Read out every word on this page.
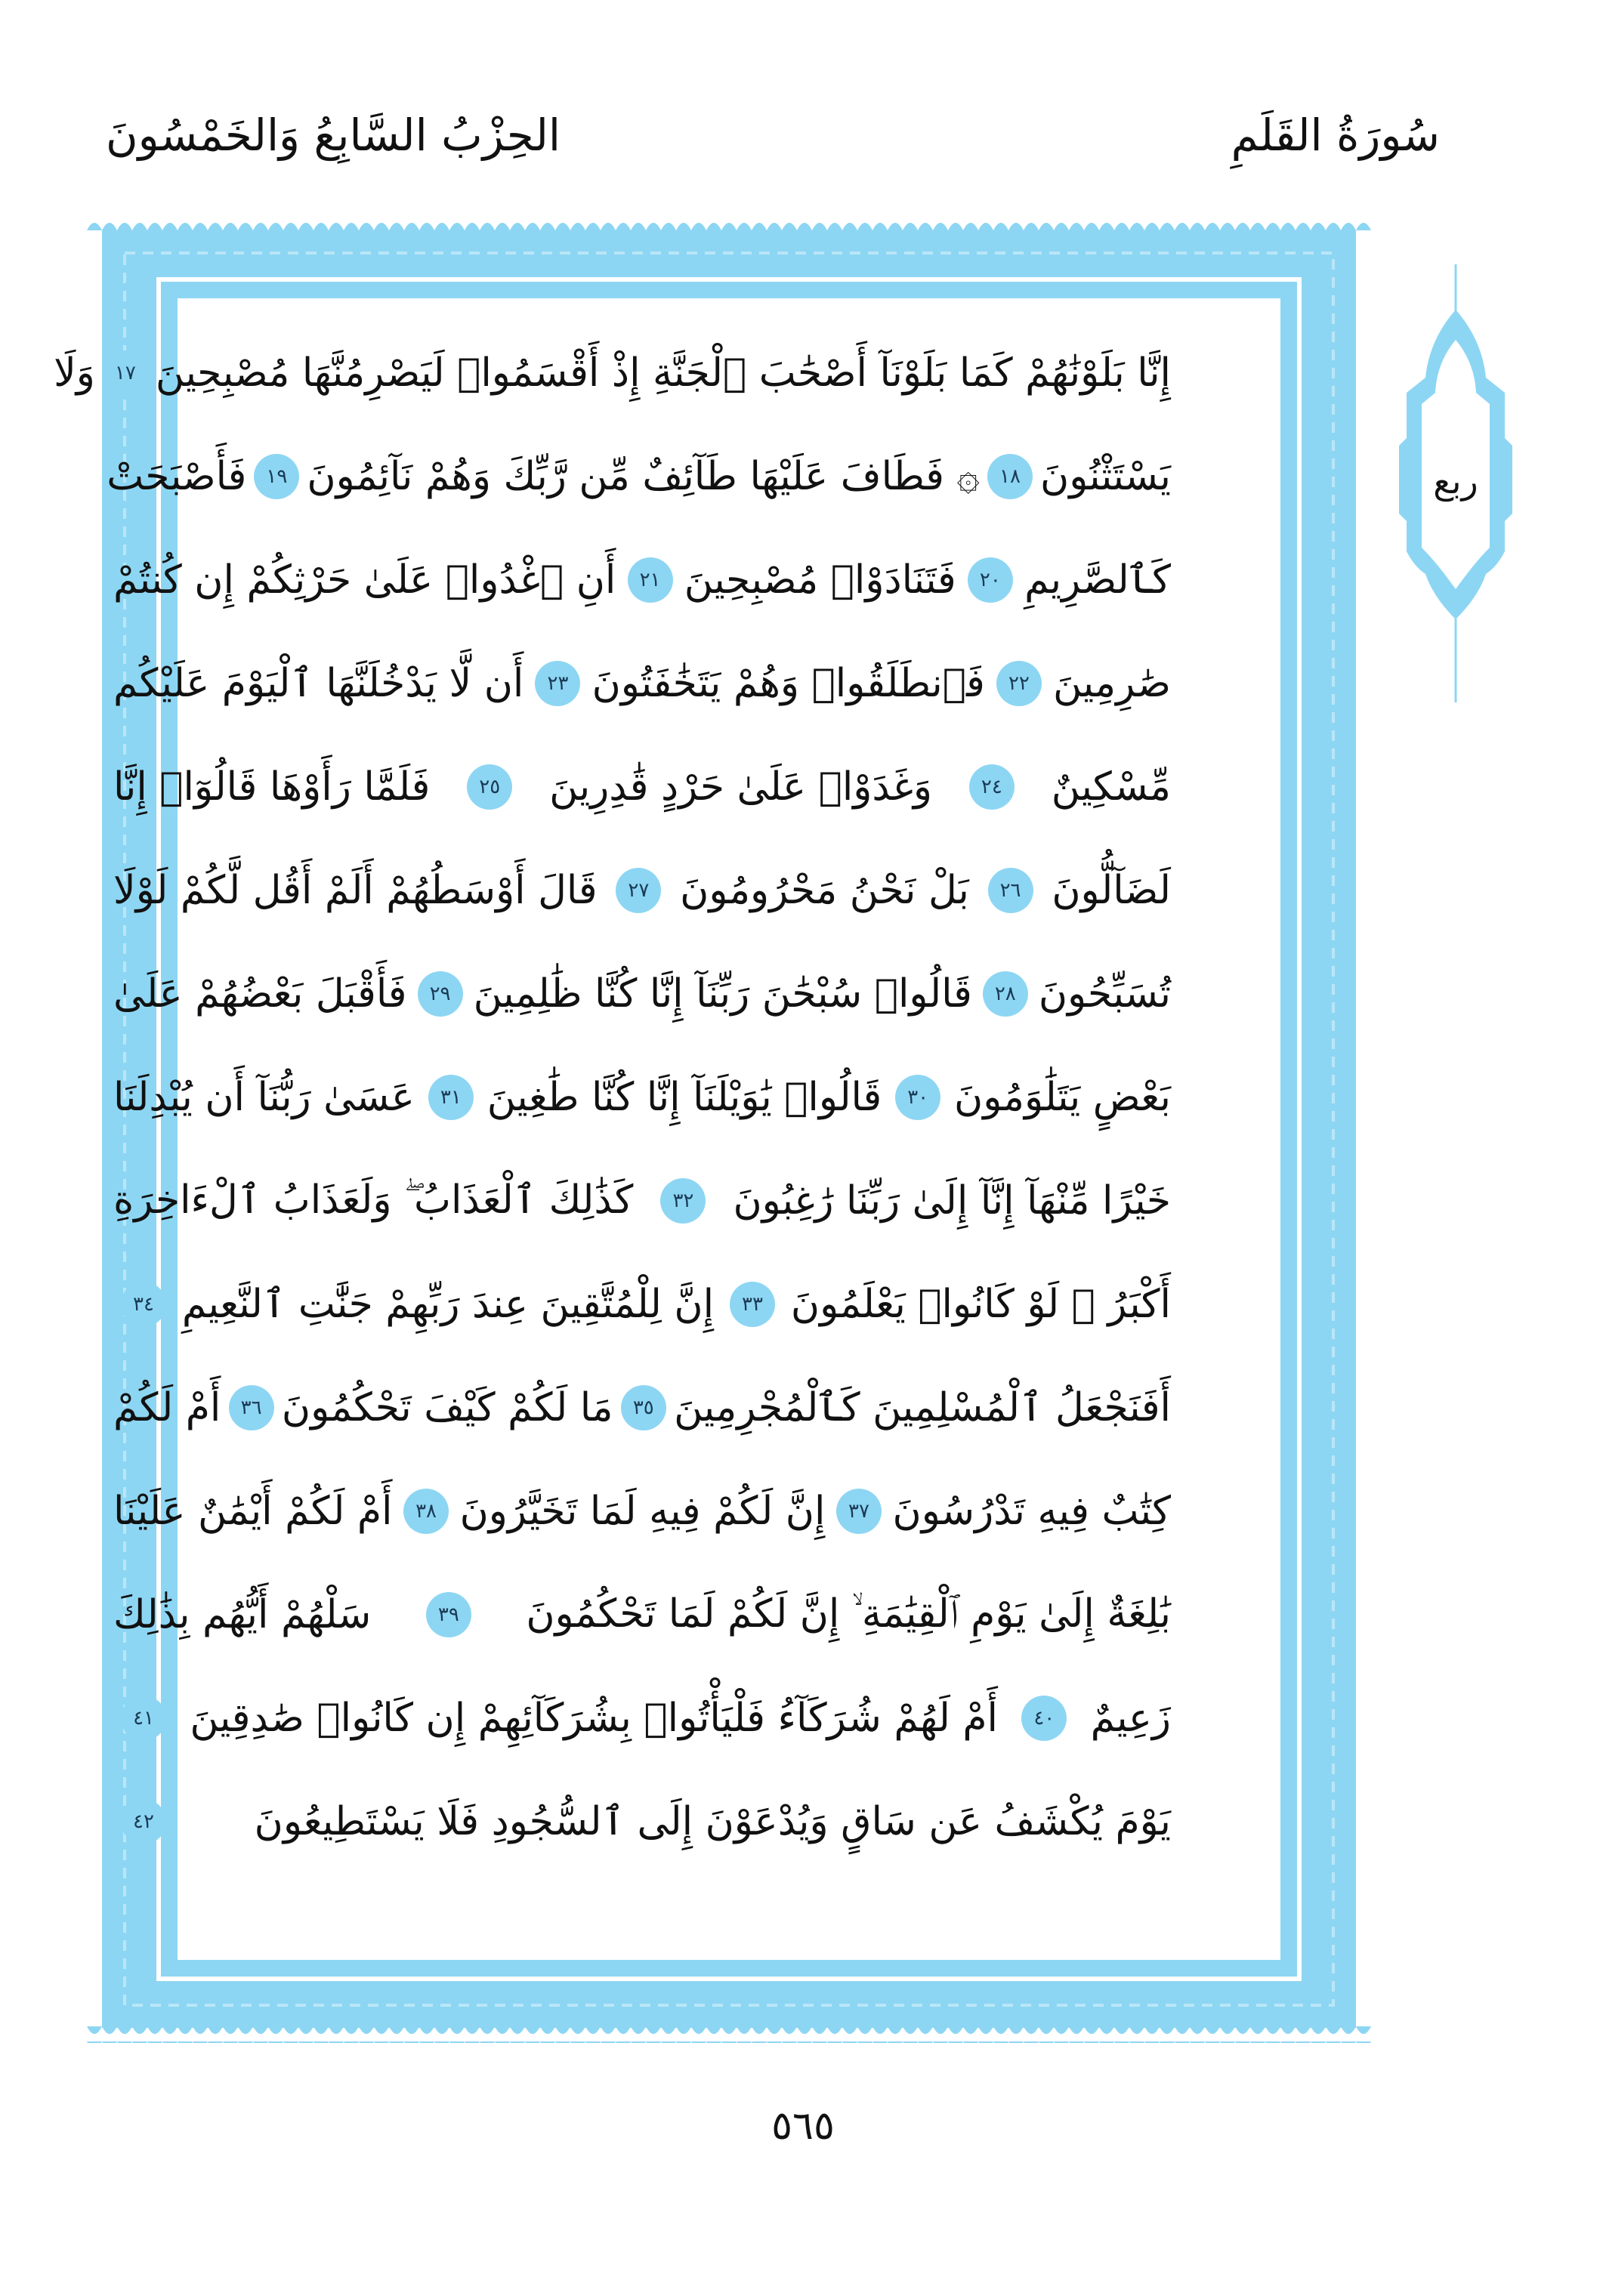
سُورَةُ القَلَمِ
الحِزْبُ السَّابِعُ وَالخَمْسُونَ
ربع
إِنَّا بَلَوْنَٰهُمْ كَمَا بَلَوْنَآ أَصْحَٰبَ ٱلْجَنَّةِ إِذْ أَقْسَمُوا۟ لَيَصْرِمُنَّهَا مُصْبِحِينَ
١٧
وَلَا
يَسْتَثْنُونَ
١٨
۞ فَطَافَ عَلَيْهَا طَآئِفٌ مِّن رَّبِّكَ وَهُمْ نَآئِمُونَ
١٩
فَأَصْبَحَتْ
كَٱلصَّرِيمِ
٢٠
فَتَنَادَوْا۟ مُصْبِحِينَ
٢١
أَنِ ٱغْدُوا۟ عَلَىٰ حَرْثِكُمْ إِن كُنتُمْ
صَٰرِمِينَ
٢٢
فَٱنطَلَقُوا۟ وَهُمْ يَتَخَٰفَتُونَ
٢٣
أَن لَّا يَدْخُلَنَّهَا ٱلْيَوْمَ عَلَيْكُم
مِّسْكِينٌ
٢٤
وَغَدَوْا۟ عَلَىٰ حَرْدٍ قَٰدِرِينَ
٢٥
فَلَمَّا رَأَوْهَا قَالُوٓا۟ إِنَّا
لَضَآلُّونَ
٢٦
بَلْ نَحْنُ مَحْرُومُونَ
٢٧
قَالَ أَوْسَطُهُمْ أَلَمْ أَقُل لَّكُمْ لَوْلَا
تُسَبِّحُونَ
٢٨
قَالُوا۟ سُبْحَٰنَ رَبِّنَآ إِنَّا كُنَّا ظَٰلِمِينَ
٢٩
فَأَقْبَلَ بَعْضُهُمْ عَلَىٰ
بَعْضٍ يَتَلَٰوَمُونَ
٣٠
قَالُوا۟ يَٰوَيْلَنَآ إِنَّا كُنَّا طَٰغِينَ
٣١
عَسَىٰ رَبُّنَآ أَن يُبْدِلَنَا
خَيْرًا مِّنْهَآ إِنَّآ إِلَىٰ رَبِّنَا رَٰغِبُونَ
٣٢
كَذَٰلِكَ ٱلْعَذَابُ ۖ وَلَعَذَابُ ٱلْءَاخِرَةِ
أَكْبَرُ ۚ لَوْ كَانُوا۟ يَعْلَمُونَ
٣٣
إِنَّ لِلْمُتَّقِينَ عِندَ رَبِّهِمْ جَنَّٰتِ ٱلنَّعِيمِ
٣٤
أَفَنَجْعَلُ ٱلْمُسْلِمِينَ كَٱلْمُجْرِمِينَ
٣٥
مَا لَكُمْ كَيْفَ تَحْكُمُونَ
٣٦
أَمْ لَكُمْ
كِتَٰبٌ فِيهِ تَدْرُسُونَ
٣٧
إِنَّ لَكُمْ فِيهِ لَمَا تَخَيَّرُونَ
٣٨
أَمْ لَكُمْ أَيْمَٰنٌ عَلَيْنَا
بَٰلِغَةٌ إِلَىٰ يَوْمِ ٱلْقِيَٰمَةِ ۙ إِنَّ لَكُمْ لَمَا تَحْكُمُونَ
٣٩
سَلْهُمْ أَيُّهُم بِذَٰلِكَ
زَعِيمٌ
٤٠
أَمْ لَهُمْ شُرَكَآءُ فَلْيَأْتُوا۟ بِشُرَكَآئِهِمْ إِن كَانُوا۟ صَٰدِقِينَ
٤١
يَوْمَ يُكْشَفُ عَن سَاقٍ وَيُدْعَوْنَ إِلَى ٱلسُّجُودِ فَلَا يَسْتَطِيعُونَ
٤٢
٥٦٥
